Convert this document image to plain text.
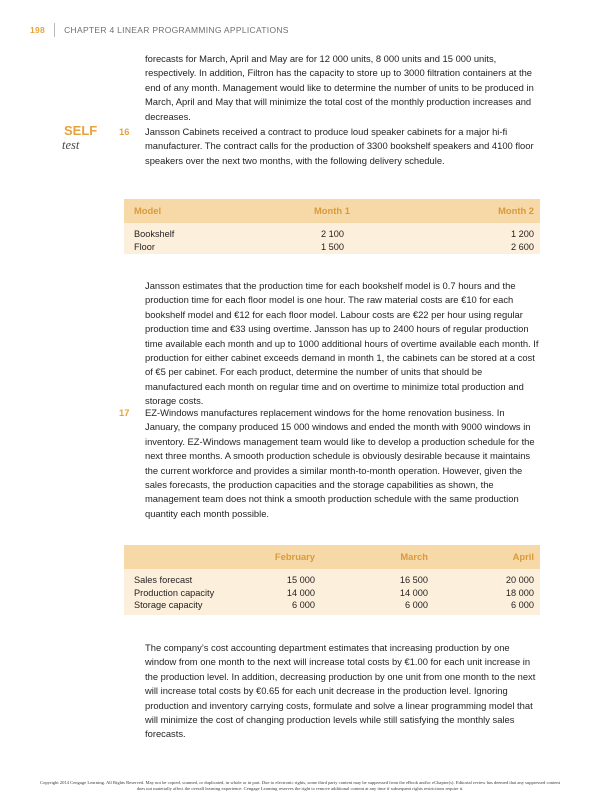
198 CHAPTER 4 LINEAR PROGRAMMING APPLICATIONS

forecasts for March, April and May are for 12 000 units, 8 000 units and 15 000 units, respectively. In addition, Filtron has the capacity to store up to 3000 filtration containers at the end of any month. Management would like to determine the number of units to be produced in March, April and May that will minimize the total cost of the monthly production increases and decreases.

SELF
test
16 Jansson Cabinets received a contract to produce loud speaker cabinets for a major hi-fi manufacturer. The contract calls for the production of 3300 bookshelf speakers and 4100 floor speakers over the next two months, with the following delivery schedule.

Model	Month 1	Month 2
Bookshelf	2 100	1 200
Floor	1 500	2 600

Jansson estimates that the production time for each bookshelf model is 0.7 hours and the production time for each floor model is one hour. The raw material costs are €10 for each bookshelf model and €12 for each floor model. Labour costs are €22 per hour using regular production time and €33 using overtime. Jansson has up to 2400 hours of regular production time available each month and up to 1000 additional hours of overtime available each month. If production for either cabinet exceeds demand in month 1, the cabinets can be stored at a cost of €5 per cabinet. For each product, determine the number of units that should be manufactured each month on regular time and on overtime to minimize total production and storage costs.

17 EZ-Windows manufactures replacement windows for the home renovation business. In January, the company produced 15 000 windows and ended the month with 9000 windows in inventory. EZ-Windows management team would like to develop a production schedule for the next three months. A smooth production schedule is obviously desirable because it maintains the current workforce and provides a similar month-to-month operation. However, given the sales forecasts, the production capacities and the storage capabilities as shown, the management team does not think a smooth production schedule with the same production quantity each month possible.

February	March	April
Sales forecast	15 000	16 500	20 000
Production capacity	14 000	14 000	18 000
Storage capacity	6 000	6 000	6 000

The company’s cost accounting department estimates that increasing production by one window from one month to the next will increase total costs by €1.00 for each unit increase in the production level. In addition, decreasing production by one unit from one month to the next will increase total costs by €0.65 for each unit decrease in the production level. Ignoring production and inventory carrying costs, formulate and solve a linear programming model that will minimize the cost of changing production levels while still satisfying the monthly sales forecasts.

Copyright 2014 Cengage Learning. All Rights Reserved. May not be copied, scanned, or duplicated, in whole or in part. Due to electronic rights, some third party content may be suppressed from the eBook and/or eChapter(s). Editorial review has deemed that any suppressed content does not materially affect the overall learning experience. Cengage Learning reserves the right to remove additional content at any time if subsequent rights restrictions require it.
